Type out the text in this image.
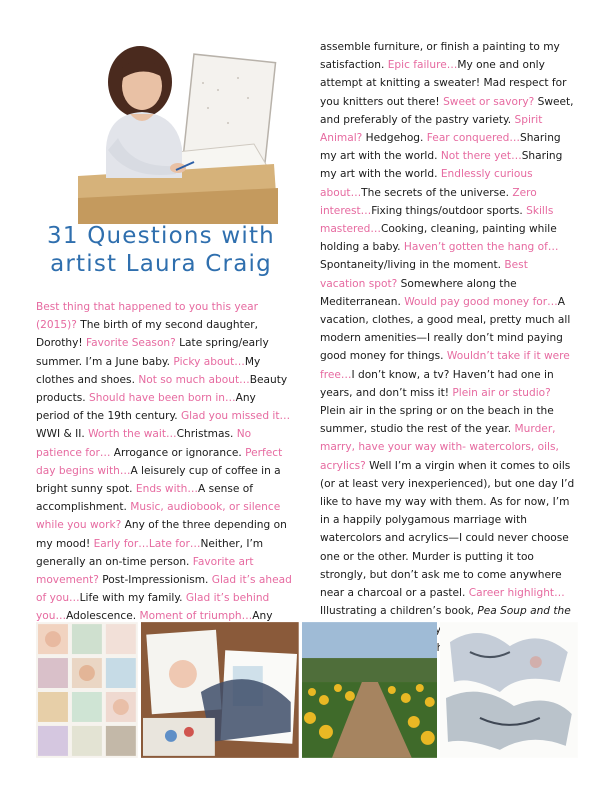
31 Questions with
artist Laura Craig
Best thing that happened to you this year (2015)? The birth of my second daughter, Dorothy! Favorite Season? Late spring/early summer. I’m a June baby. Picky about…My clothes and shoes. Not so much about…Beauty products. Should have been born in…Any period of the 19th century. Glad you missed it…WWI & II. Worth the wait…Christmas. No patience for… Arrogance or ignorance. Perfect day begins with…A leisurely cup of coffee in a bright sunny spot. Ends with…A sense of accomplishment. Music, audiobook, or silence while you work? Any of the three depending on my mood! Early for…Late for…Neither, I’m generally an on-time person. Favorite art movement? Post-Impressionism. Glad it’s ahead of you…Life with my family. Glad it’s behind you…Adolescence. Moment of triumph…Any
assemble furniture, or finish a painting to my satisfaction. Epic failure…My one and only attempt at knitting a sweater! Mad respect for you knitters out there! Sweet or savory? Sweet, and preferably of the pastry variety. Spirit Animal? Hedgehog. Fear conquered…Sharing my art with the world. Not there yet…Sharing my art with the world. Endlessly curious about…The secrets of the universe. Zero interest…Fixing things/outdoor sports. Skills mastered…Cooking, cleaning, painting while holding a baby. Haven’t gotten the hang of…Spontaneity/living in the moment. Best vacation spot? Somewhere along the Mediterranean. Would pay good money for…A vacation, clothes, a good meal, pretty much all modern amenities—I really don’t mind paying good money for things. Wouldn’t take if it were free…I don’t know, a tv? Haven’t had one in years, and don’t miss it! Plein air or studio? Plein air in the spring or on the beach in the summer, studio the rest of the year. Murder, marry, have your way with- watercolors, oils, acrylics? Well I’m a virgin when it comes to oils (or at least very inexperienced), but one day I’d like to have my way with them. As for now, I’m in a happily polygamous marriage with watercolors and acrylics—I could never choose one or the other. Murder is putting it too strongly, but don’t ask me to come anywhere near a charcoal or a pastel. Career highlight… Illustrating a children’s book, Pea Soup and the
